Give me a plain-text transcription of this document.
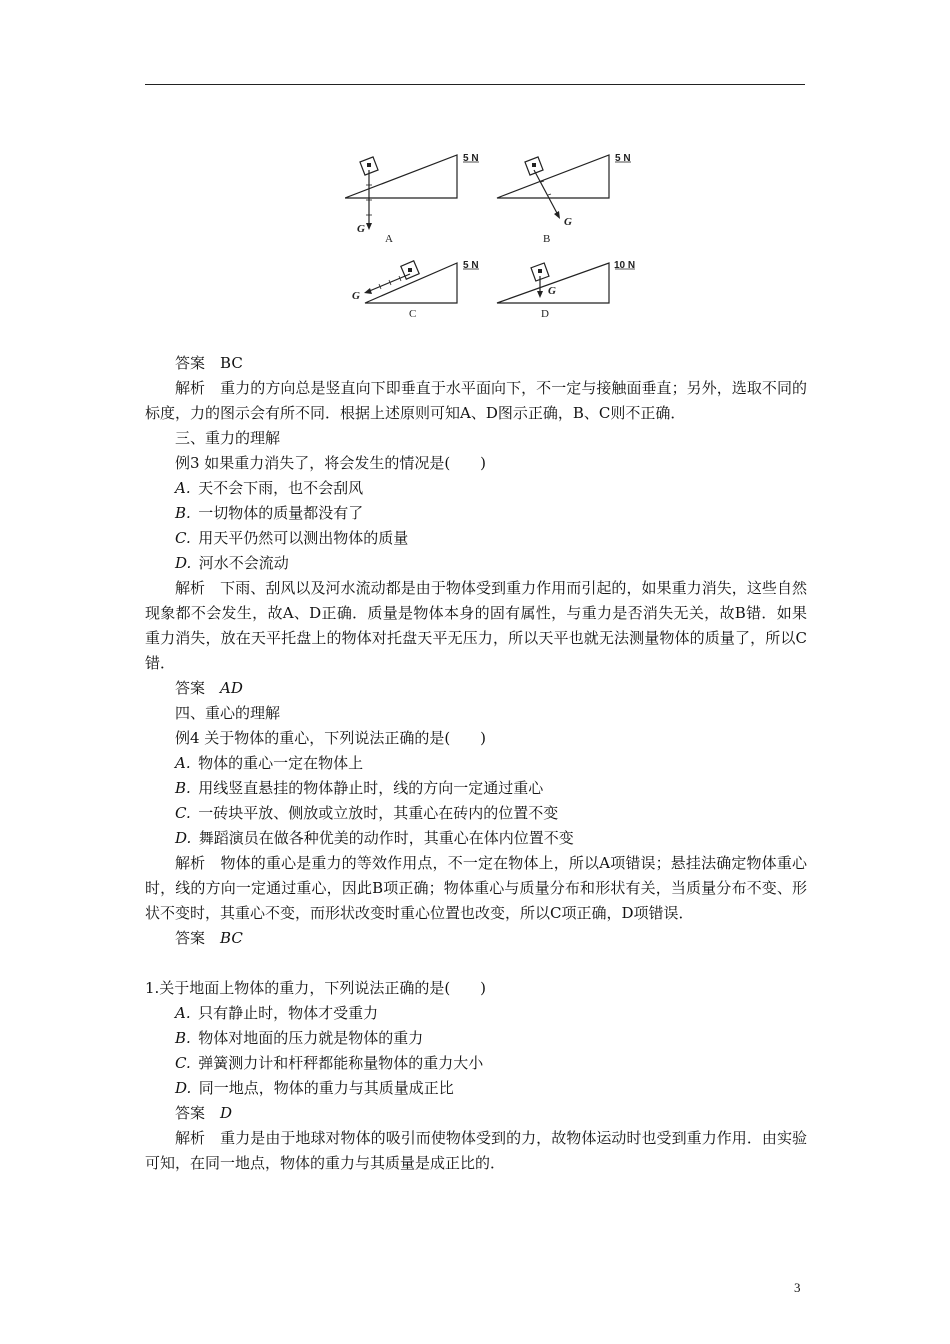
5 N
G
A
5 N
G
B
5 N
G
C
10 N
G
D
答案　 BC
解析　 重力的方向总是竖直向下即垂直于水平面向下，不一定与接触面垂直；另外，选取不同的标度，力的图示会有所不同．根据上述原则可知A、D图示正确，B、C则不正确．
三、重力的理解
例3 如果重力消失了，将会发生的情况是(　　)
A.  天不会下雨，也不会刮风
B.  一切物体的质量都没有了
C.  用天平仍然可以测出物体的质量
D.  河水不会流动
解析　 下雨、刮风以及河水流动都是由于物体受到重力作用而引起的，如果重力消失，这些自然现象都不会发生，故A、D正确．质量是物体本身的固有属性，与重力是否消失无关，故B错．如果重力消失，放在天平托盘上的物体对托盘天平无压力，所以天平也就无法测量物体的质量了，所以C错．
答案　 AD
四、重心的理解
例4 关于物体的重心，下列说法正确的是(　　)
A.  物体的重心一定在物体上
B.  用线竖直悬挂的物体静止时，线的方向一定通过重心
C.  一砖块平放、侧放或立放时，其重心在砖内的位置不变
D.  舞蹈演员在做各种优美的动作时，其重心在体内位置不变
解析　 物体的重心是重力的等效作用点，不一定在物体上，所以A项错误；悬挂法确定物体重心时，线的方向一定通过重心，因此B项正确；物体重心与质量分布和形状有关，当质量分布不变、形状不变时，其重心不变，而形状改变时重心位置也改变，所以C项正确，D项错误．
答案　 BC
1.关于地面上物体的重力，下列说法正确的是(　　)
A.  只有静止时，物体才受重力
B.  物体对地面的压力就是物体的重力
C.  弹簧测力计和杆秤都能称量物体的重力大小
D.  同一地点，物体的重力与其质量成正比
答案　 D
解析　 重力是由于地球对物体的吸引而使物体受到的力，故物体运动时也受到重力作用．由实验可知，在同一地点，物体的重力与其质量是成正比的．
3
